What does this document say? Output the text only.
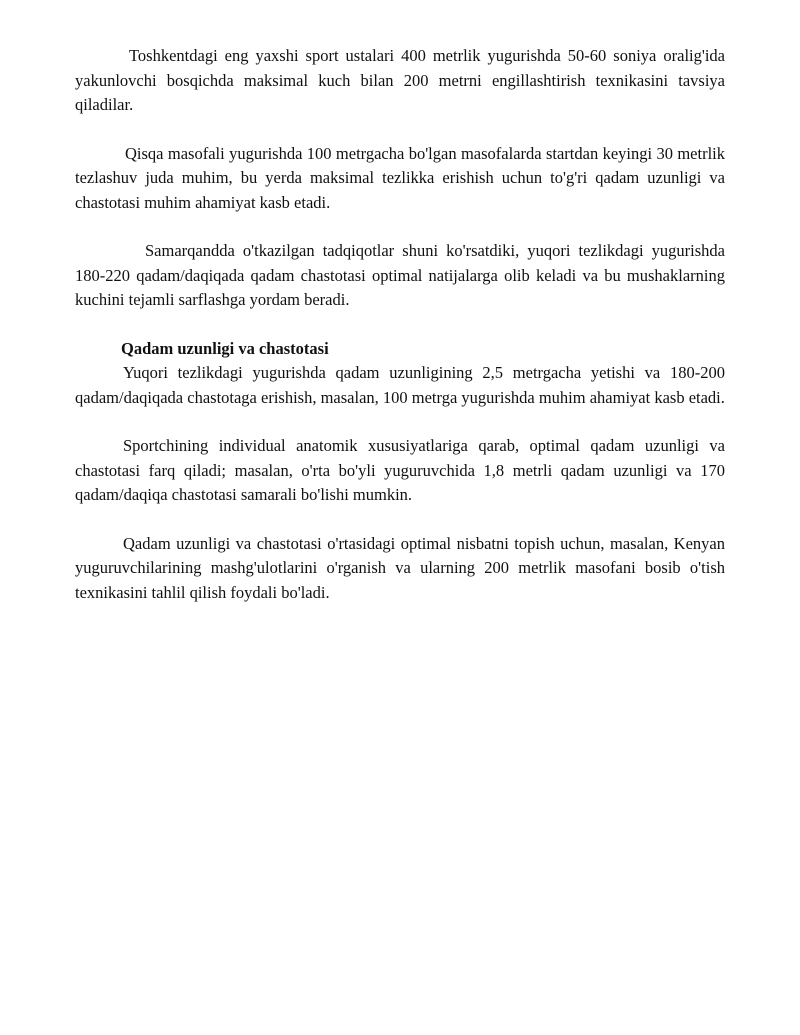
Toshkentdagi eng yaxshi sport ustalari 400 metrlik yugurishda 50-60 soniya oralig'ida yakunlovchi bosqichda maksimal kuch bilan 200 metrni engillashtirish texnikasini tavsiya qiladilar.

Qisqa masofali yugurishda 100 metrgacha bo'lgan masofalarda startdan keyingi 30 metrlik tezlashuv juda muhim, bu yerda maksimal tezlikka erishish uchun to'g'ri qadam uzunligi va chastotasi muhim ahamiyat kasb etadi.

Samarqandda o'tkazilgan tadqiqotlar shuni ko'rsatdiki, yuqori tezlikdagi yugurishda 180-220 qadam/daqiqada qadam chastotasi optimal natijalarga olib keladi va bu mushaklarning kuchini tejamli sarflashga yordam beradi.

Qadam uzunligi va chastotasi

Yuqori tezlikdagi yugurishda qadam uzunligining 2,5 metrgacha yetishi va 180-200 qadam/daqiqada chastotaga erishish, masalan, 100 metrga yugurishda muhim ahamiyat kasb etadi.

Sportchining individual anatomik xususiyatlariga qarab, optimal qadam uzunligi va chastotasi farq qiladi; masalan, o'rta bo'yli yuguruvchida 1,8 metrli qadam uzunligi va 170 qadam/daqiqa chastotasi samarali bo'lishi mumkin.

Qadam uzunligi va chastotasi o'rtasidagi optimal nisbatni topish uchun, masalan, Kenyan yuguruvchilarining mashg'ulotlarini o'rganish va ularning 200 metrlik masofani bosib o'tish texnikasini tahlil qilish foydali bo'ladi.
